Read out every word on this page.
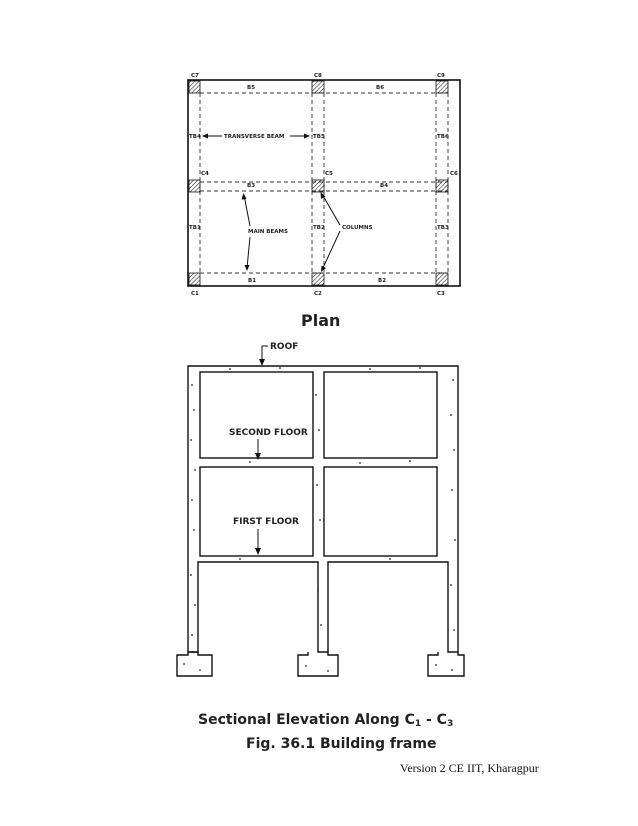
C7	C8	C9
C4	C5	C6
C1	C2	C3
B5	B6
B3	B4
B1	B2
TB4	TB5	TB6
TB1	TB2	TB3
TRANSVERSE BEAM
MAIN BEAMS
COLUMNS
Plan
ROOF
SECOND FLOOR
FIRST FLOOR
Sectional Elevation Along C1 - C3
Fig. 36.1 Building frame
Version 2 CE IIT, Kharagpur
